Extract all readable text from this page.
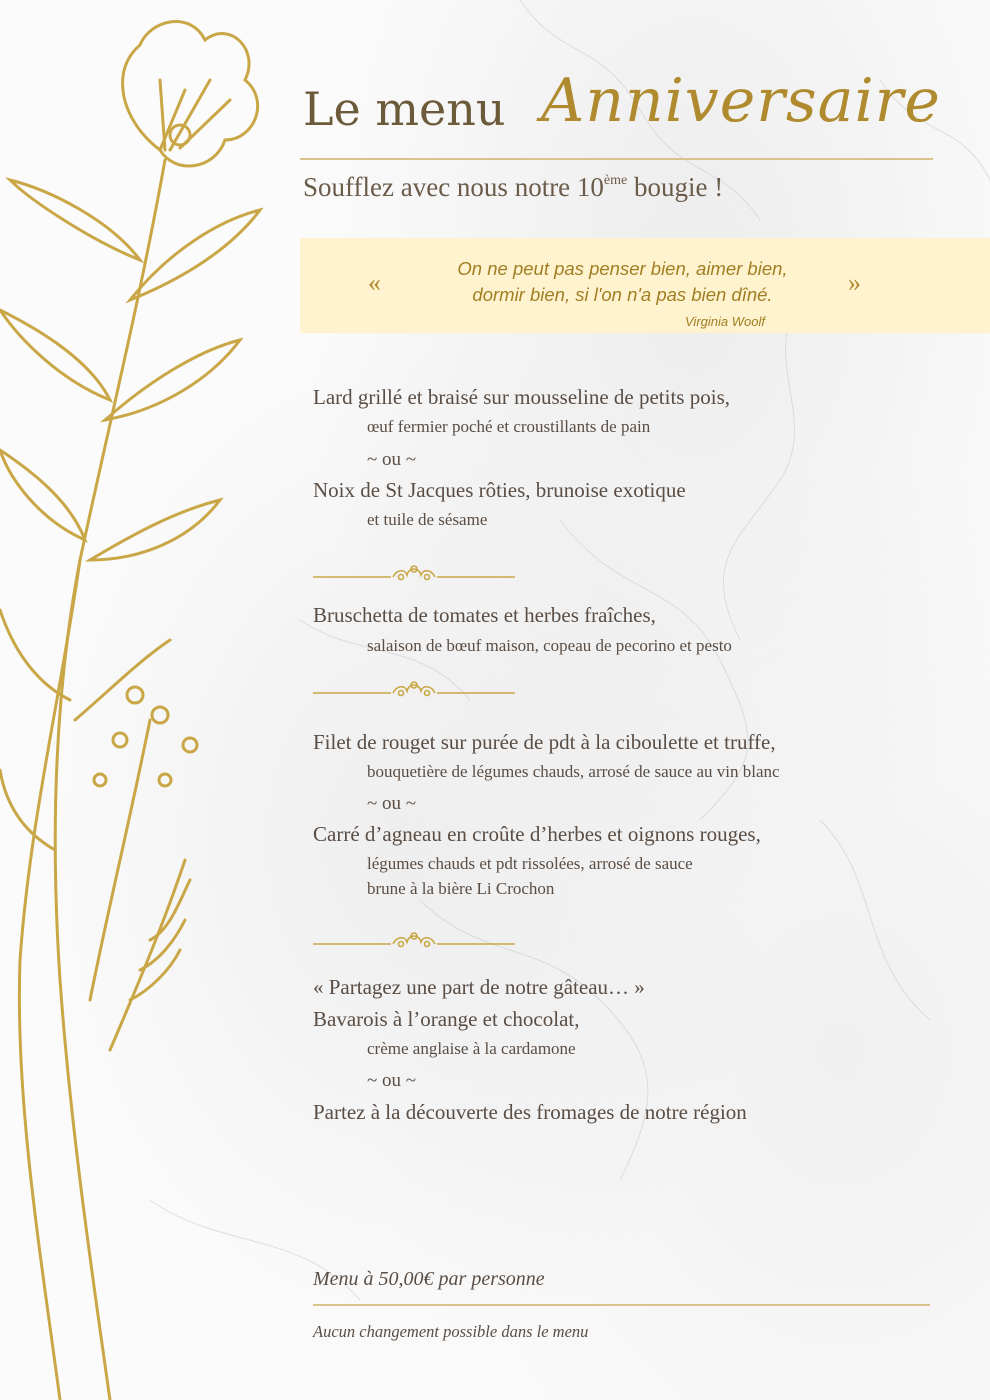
Le menu Anniversaire
Soufflez avec nous notre 10ème bougie !
«	On ne peut pas penser bien, aimer bien,
dormir bien, si l'on n'a pas bien dîné.
Virginia Woolf
»
Lard grillé et braisé sur mousseline de petits pois,
œuf fermier poché et croustillants de pain
~ ou ~
Noix de St Jacques rôties, brunoise exotique
et tuile de sésame
Bruschetta de tomates et herbes fraîches,
salaison de bœuf maison, copeau de pecorino et pesto
Filet de rouget sur purée de pdt à la ciboulette et truffe,
bouquetière de légumes chauds, arrosé de sauce au vin blanc
~ ou ~
Carré d’agneau en croûte d’herbes et oignons rouges,
légumes chauds et pdt rissolées, arrosé de sauce
brune à la bière Li Crochon
« Partagez une part de notre gâteau… »
Bavarois à l’orange et chocolat,
crème anglaise à la cardamone
~ ou ~
Partez à la découverte des fromages de notre région
Menu à 50,00€ par personne
Aucun changement possible dans le menu
